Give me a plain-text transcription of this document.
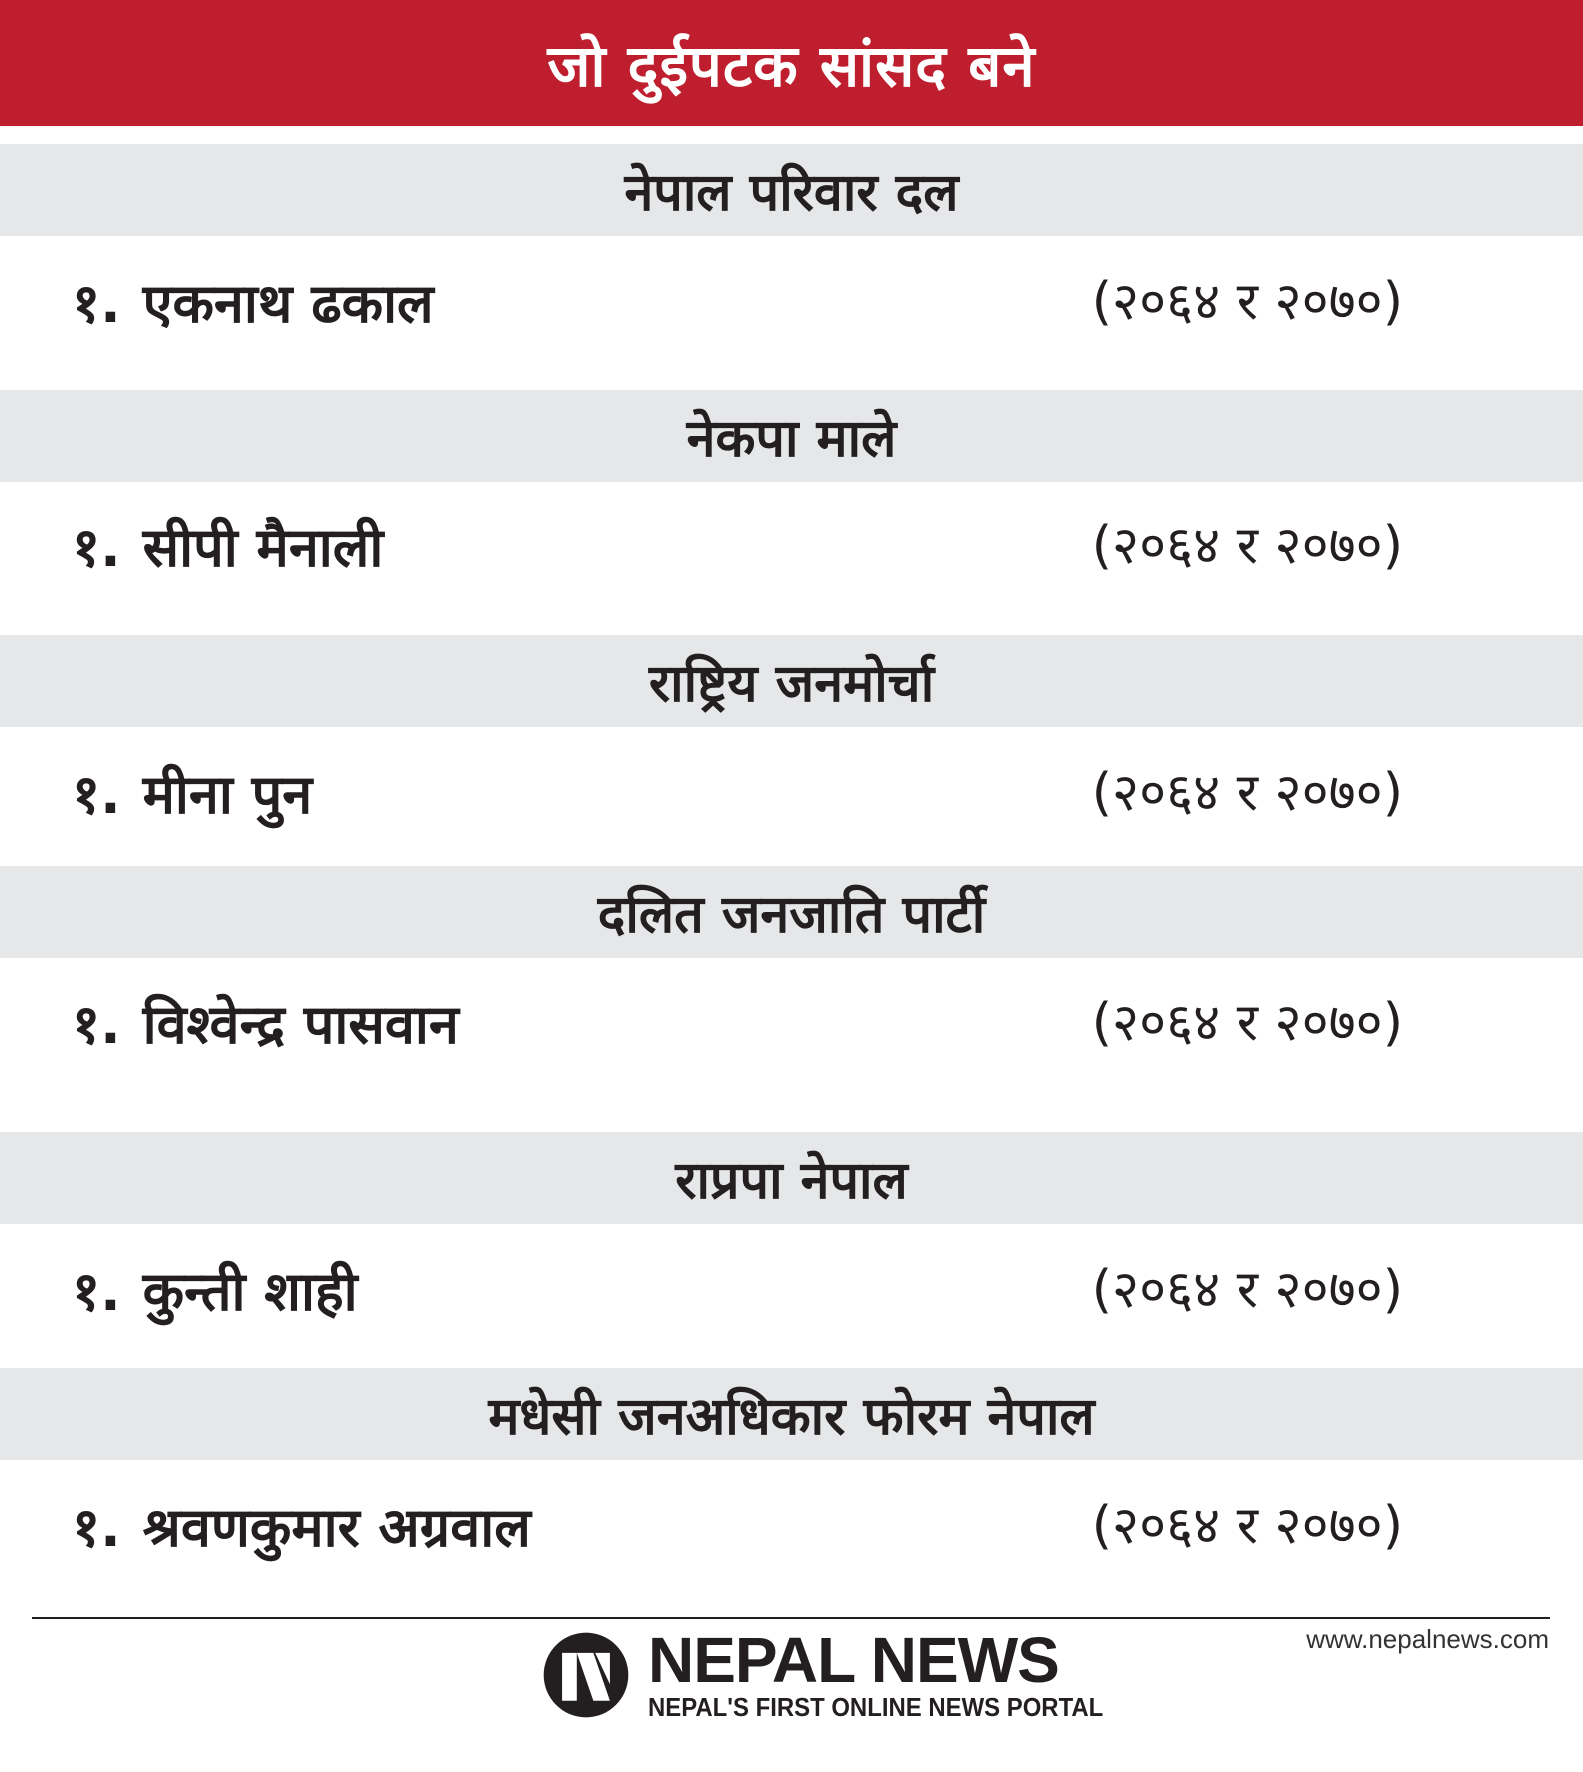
जो दुईपटक सांसद बने
नेपाल परिवार दल
१. एकनाथ ढकाल	(२०६४ र २०७०)
नेकपा माले
१. सीपी मैनाली	(२०६४ र २०७०)
राष्ट्रिय जनमोर्चा
१. मीना पुन	(२०६४ र २०७०)
दलित जनजाति पार्टी
१. विश्वेन्द्र पासवान	(२०६४ र २०७०)
राप्रपा नेपाल
१. कुन्ती शाही	(२०६४ र २०७०)
मधेसी जनअधिकार फोरम नेपाल
१. श्रवणकुमार अग्रवाल	(२०६४ र २०७०)
www.nepalnews.com
NEPAL NEWS
NEPAL'S FIRST ONLINE NEWS PORTAL
